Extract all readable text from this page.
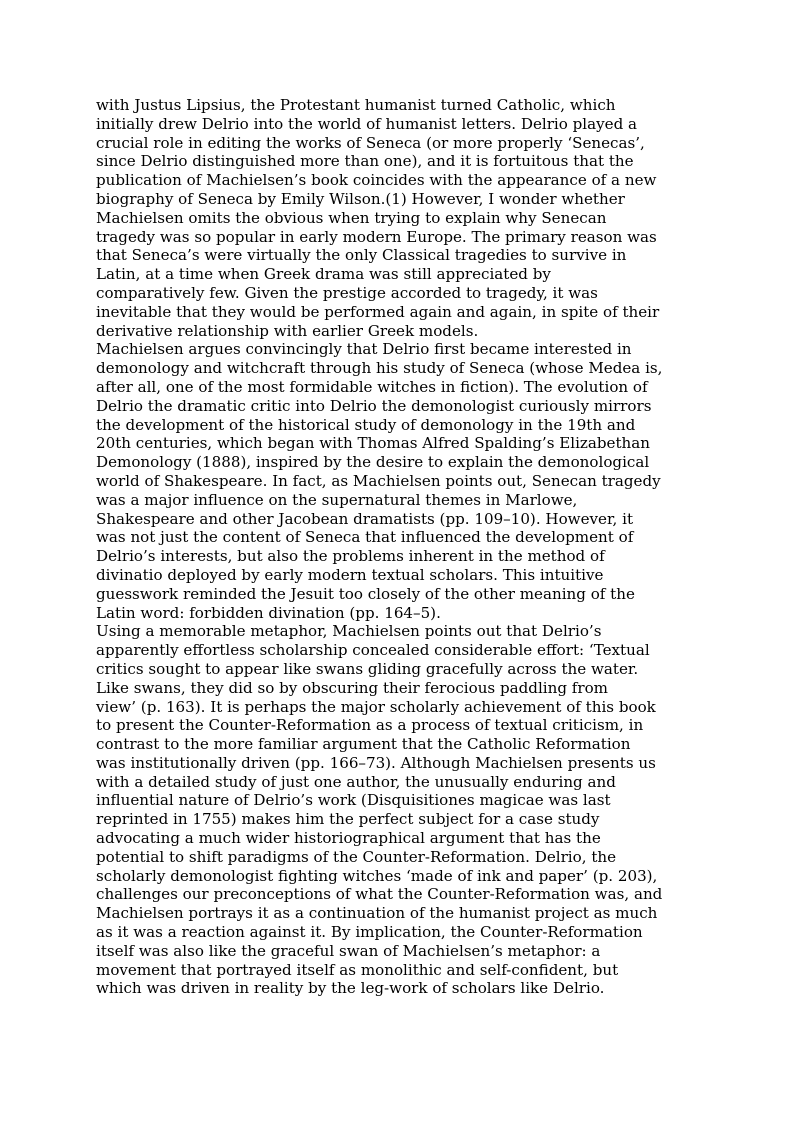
with Justus Lipsius, the Protestant humanist turned Catholic, which
initially drew Delrio into the world of humanist letters. Delrio played a
crucial role in editing the works of Seneca (or more properly ‘Senecas’,
since Delrio distinguished more than one), and it is fortuitous that the
publication of Machielsen’s book coincides with the appearance of a new
biography of Seneca by Emily Wilson.(1) However, I wonder whether
Machielsen omits the obvious when trying to explain why Senecan
tragedy was so popular in early modern Europe. The primary reason was
that Seneca’s were virtually the only Classical tragedies to survive in
Latin, at a time when Greek drama was still appreciated by
comparatively few. Given the prestige accorded to tragedy, it was
inevitable that they would be performed again and again, in spite of their
derivative relationship with earlier Greek models.

Machielsen argues convincingly that Delrio first became interested in
demonology and witchcraft through his study of Seneca (whose Medea is,
after all, one of the most formidable witches in fiction). The evolution of
Delrio the dramatic critic into Delrio the demonologist curiously mirrors
the development of the historical study of demonology in the 19th and
20th centuries, which began with Thomas Alfred Spalding’s Elizabethan
Demonology (1888), inspired by the desire to explain the demonological
world of Shakespeare. In fact, as Machielsen points out, Senecan tragedy
was a major influence on the supernatural themes in Marlowe,
Shakespeare and other Jacobean dramatists (pp. 109–10). However, it
was not just the content of Seneca that influenced the development of
Delrio’s interests, but also the problems inherent in the method of
divinatio deployed by early modern textual scholars. This intuitive
guesswork reminded the Jesuit too closely of the other meaning of the
Latin word: forbidden divination (pp. 164–5).

Using a memorable metaphor, Machielsen points out that Delrio’s
apparently effortless scholarship concealed considerable effort: ‘Textual
critics sought to appear like swans gliding gracefully across the water.
Like swans, they did so by obscuring their ferocious paddling from
view’ (p. 163). It is perhaps the major scholarly achievement of this book
to present the Counter-Reformation as a process of textual criticism, in
contrast to the more familiar argument that the Catholic Reformation
was institutionally driven (pp. 166–73). Although Machielsen presents us
with a detailed study of just one author, the unusually enduring and
influential nature of Delrio’s work (Disquisitiones magicae was last
reprinted in 1755) makes him the perfect subject for a case study
advocating a much wider historiographical argument that has the
potential to shift paradigms of the Counter-Reformation. Delrio, the
scholarly demonologist fighting witches ‘made of ink and paper’ (p. 203),
challenges our preconceptions of what the Counter-Reformation was, and
Machielsen portrays it as a continuation of the humanist project as much
as it was a reaction against it. By implication, the Counter-Reformation
itself was also like the graceful swan of Machielsen’s metaphor: a
movement that portrayed itself as monolithic and self-confident, but
which was driven in reality by the leg-work of scholars like Delrio.
